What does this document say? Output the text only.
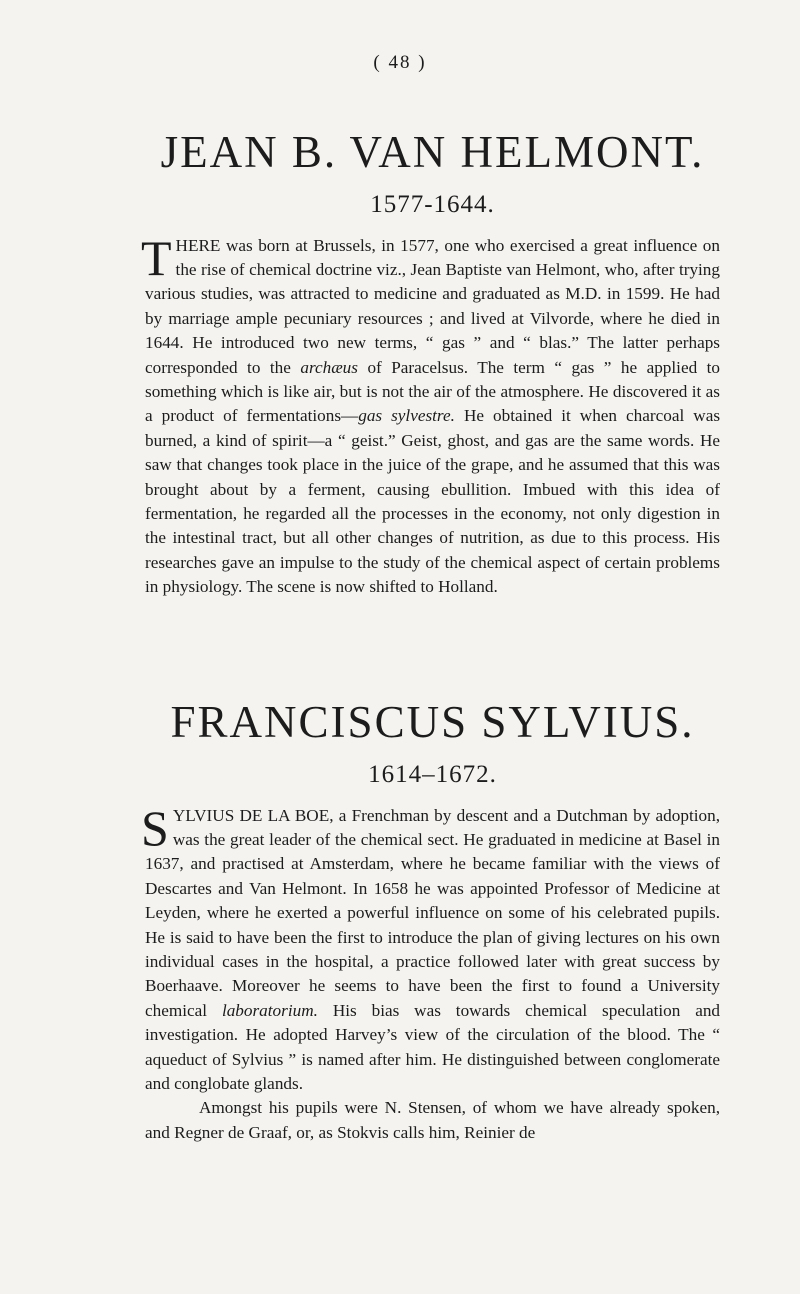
( 48 )
JEAN B. VAN HELMONT.
1577-1644.

THERE was born at Brussels, in 1577, one who exercised a great influence on the rise of chemical doctrine viz., Jean Baptiste van Helmont, who, after trying various studies, was attracted to medicine and graduated as M.D. in 1599. He had by marriage ample pecuniary resources ; and lived at Vilvorde, where he died in 1644. He introduced two new terms, “ gas ” and “ blas.” The latter perhaps corresponded to the archæus of Paracelsus. The term “ gas ” he applied to something which is like air, but is not the air of the atmosphere. He discovered it as a product of fermentations—gas sylvestre. He obtained it when charcoal was burned, a kind of spirit—a “ geist.” Geist, ghost, and gas are the same words. He saw that changes took place in the juice of the grape, and he assumed that this was brought about by a ferment, causing ebullition. Imbued with this idea of fermentation, he regarded all the processes in the economy, not only digestion in the intestinal tract, but all other changes of nutrition, as due to this process. His researches gave an impulse to the study of the chemical aspect of certain problems in physiology. The scene is now shifted to Holland.

FRANCISCUS SYLVIUS.
1614–1672.

SYLVIUS DE LA BOE, a Frenchman by descent and a Dutchman by adoption, was the great leader of the chemical sect. He graduated in medicine at Basel in 1637, and practised at Amsterdam, where he became familiar with the views of Descartes and Van Helmont. In 1658 he was appointed Professor of Medicine at Leyden, where he exerted a powerful influence on some of his celebrated pupils. He is said to have been the first to introduce the plan of giving lectures on his own individual cases in the hospital, a practice followed later with great success by Boerhaave. Moreover he seems to have been the first to found a University chemical laboratorium. His bias was towards chemical speculation and investigation. He adopted Harvey’s view of the circulation of the blood. The “ aqueduct of Sylvius ” is named after him. He distinguished between conglomerate and conglobate glands.

Amongst his pupils were N. Stensen, of whom we have already spoken, and Regner de Graaf, or, as Stokvis calls him, Reinier de
